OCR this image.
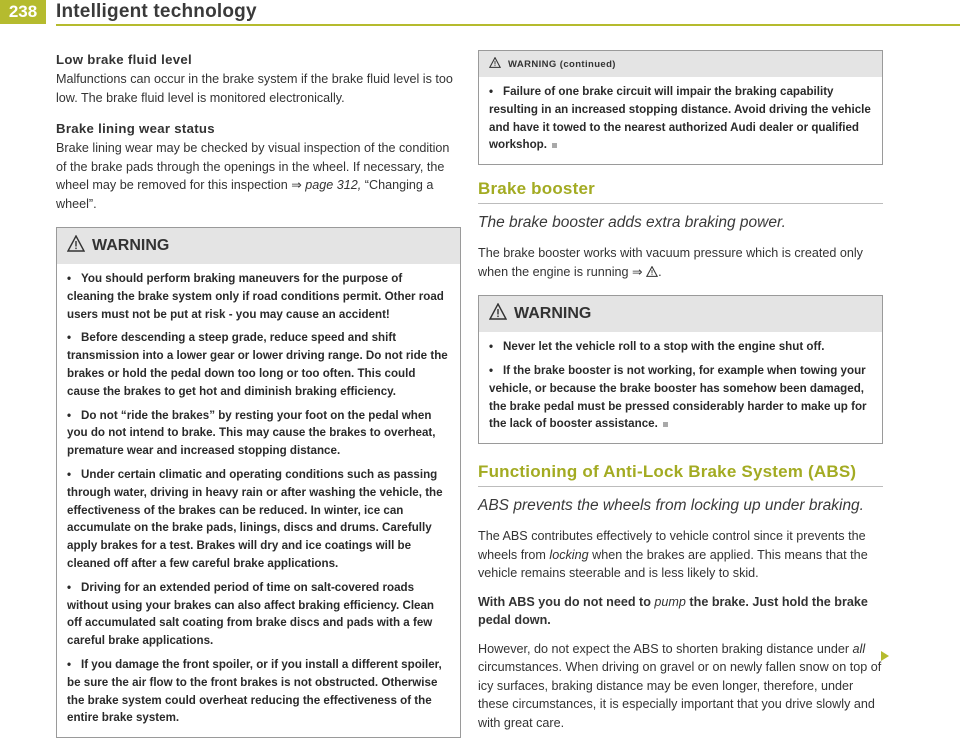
238 Intelligent technology
Low brake fluid level

Malfunctions can occur in the brake system if the brake fluid level is too low. The brake fluid level is monitored electronically.

Brake lining wear status

Brake lining wear may be checked by visual inspection of the condition of the brake pads through the openings in the wheel. If necessary, the wheel may be removed for this inspection ⇒ page 312, “Changing a wheel”.

WARNING
• You should perform braking maneuvers for the purpose of cleaning the brake system only if road conditions permit. Other road users must not be put at risk - you may cause an accident!
• Before descending a steep grade, reduce speed and shift transmission into a lower gear or lower driving range. Do not ride the brakes or hold the pedal down too long or too often. This could cause the brakes to get hot and diminish braking efficiency.
• Do not “ride the brakes” by resting your foot on the pedal when you do not intend to brake. This may cause the brakes to overheat, premature wear and increased stopping distance.
• Under certain climatic and operating conditions such as passing through water, driving in heavy rain or after washing the vehicle, the effectiveness of the brakes can be reduced. In winter, ice can accumulate on the brake pads, linings, discs and drums. Carefully apply brakes for a test. Brakes will dry and ice coatings will be cleaned off after a few careful brake applications.
• Driving for an extended period of time on salt-covered roads without using your brakes can also affect braking efficiency. Clean off accumulated salt coating from brake discs and pads with a few careful brake applications.
• If you damage the front spoiler, or if you install a different spoiler, be sure the air flow to the front brakes is not obstructed. Otherwise the brake system could overheat reducing the effectiveness of the entire brake system.
WARNING (continued)
• Failure of one brake circuit will impair the braking capability resulting in an increased stopping distance. Avoid driving the vehicle and have it towed to the nearest authorized Audi dealer or qualified workshop.
Brake booster
The brake booster adds extra braking power.

The brake booster works with vacuum pressure which is created only when the engine is running ⇒ .

WARNING
• Never let the vehicle roll to a stop with the engine shut off.
• If the brake booster is not working, for example when towing your vehicle, or because the brake booster has somehow been damaged, the brake pedal must be pressed considerably harder to make up for the lack of booster assistance.
Functioning of Anti-Lock Brake System (ABS)
ABS prevents the wheels from locking up under braking.

The ABS contributes effectively to vehicle control since it prevents the wheels from locking when the brakes are applied. This means that the vehicle remains steerable and is less likely to skid.

With ABS you do not need to pump the brake. Just hold the brake pedal down.

However, do not expect the ABS to shorten braking distance under all circumstances. When driving on gravel or on newly fallen snow on top of icy surfaces, braking distance may be even longer, therefore, under these circumstances, it is especially important that you drive slowly and with great care.
